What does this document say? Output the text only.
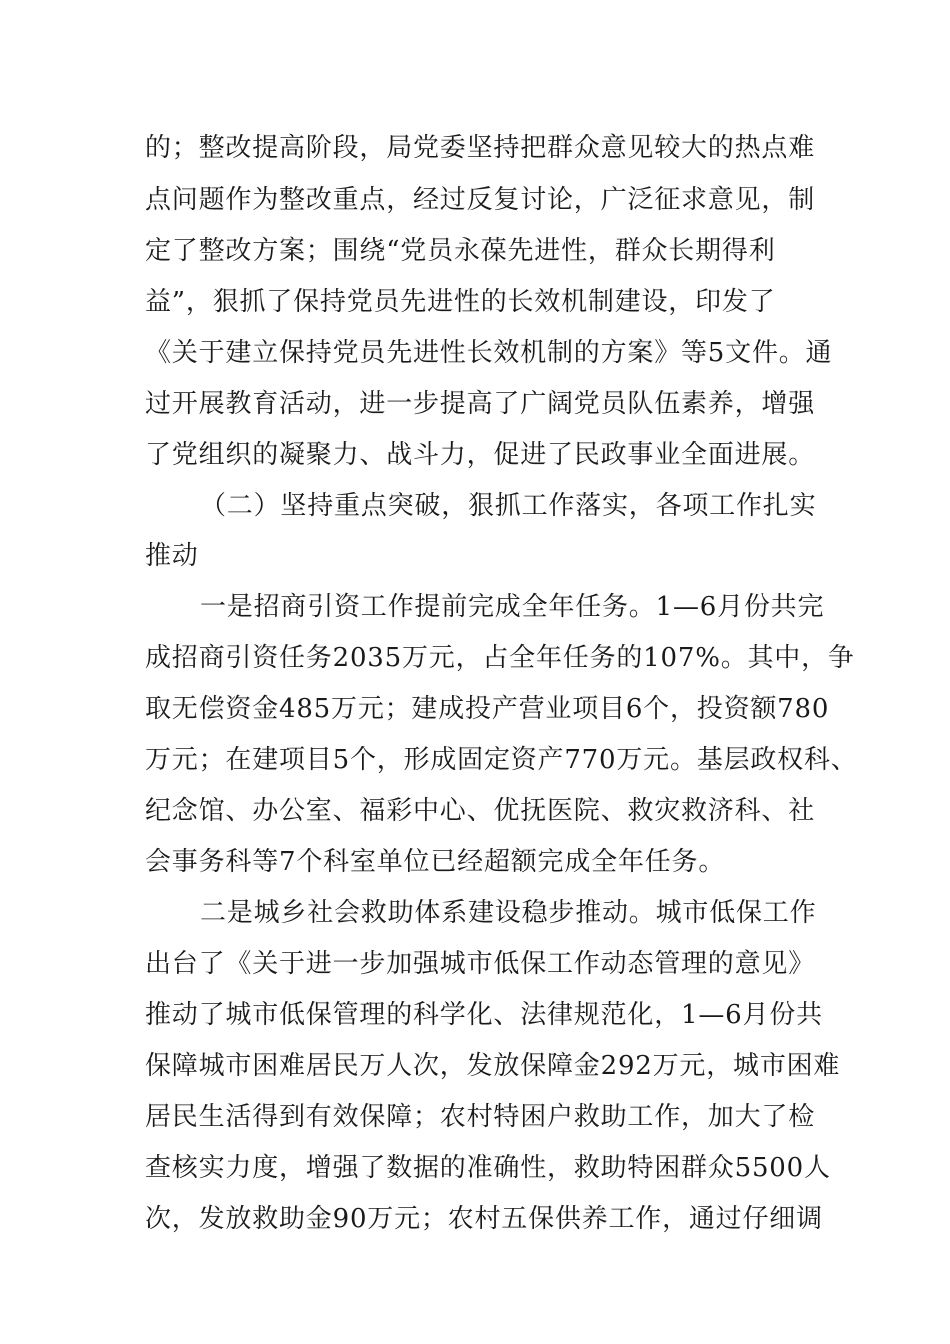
的；整改提高阶段，局党委坚持把群众意见较大的热点难
点问题作为整改重点，经过反复讨论，广泛征求意见，制
定了整改方案；围绕“党员永葆先进性，群众长期得利
益”，狠抓了保持党员先进性的长效机制建设，印发了
《关于建立保持党员先进性长效机制的方案》等5文件。通
过开展教育活动，进一步提高了广阔党员队伍素养，增强
了党组织的凝聚力、战斗力，促进了民政事业全面进展。
（二）坚持重点突破，狠抓工作落实，各项工作扎实
推动
一是招商引资工作提前完成全年任务。1—6月份共完
成招商引资任务2035万元，占全年任务的107%。其中，争
取无偿资金485万元；建成投产营业项目6个，投资额780
万元；在建项目5个，形成固定资产770万元。基层政权科、
纪念馆、办公室、福彩中心、优抚医院、救灾救济科、社
会事务科等7个科室单位已经超额完成全年任务。
二是城乡社会救助体系建设稳步推动。城市低保工作
出台了《关于进一步加强城市低保工作动态管理的意见》
推动了城市低保管理的科学化、法律规范化，1—6月份共
保障城市困难居民万人次，发放保障金292万元，城市困难
居民生活得到有效保障；农村特困户救助工作，加大了检
查核实力度，增强了数据的准确性，救助特困群众5500人
次，发放救助金90万元；农村五保供养工作，通过仔细调
